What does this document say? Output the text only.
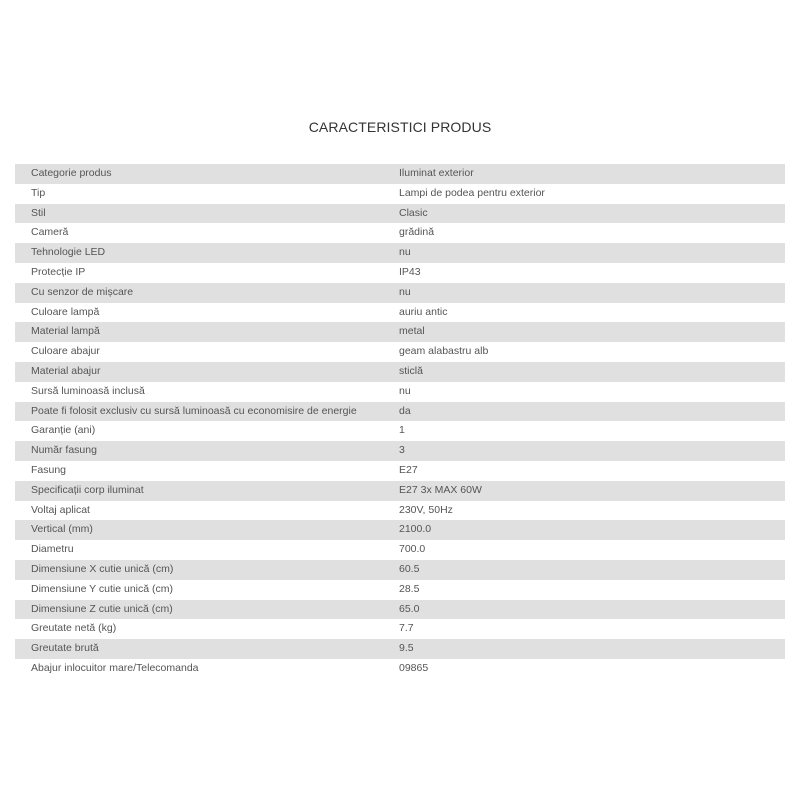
CARACTERISTICI PRODUS
Categorie produs	Iluminat exterior
Tip	Lampi de podea pentru exterior
Stil	Clasic
Cameră	grădină
Tehnologie LED	nu
Protecție IP	IP43
Cu senzor de mișcare	nu
Culoare lampă	auriu antic
Material lampă	metal
Culoare abajur	geam alabastru alb
Material abajur	sticlă
Sursă luminoasă inclusă	nu
Poate fi folosit exclusiv cu sursă luminoasă cu economisire de energie	da
Garanție (ani)	1
Număr fasung	3
Fasung	E27
Specificații corp iluminat	E27 3x MAX 60W
Voltaj aplicat	230V, 50Hz
Vertical (mm)	2100.0
Diametru	700.0
Dimensiune X cutie unică (cm)	60.5
Dimensiune Y cutie unică (cm)	28.5
Dimensiune Z cutie unică (cm)	65.0
Greutate netă (kg)	7.7
Greutate brută	9.5
Abajur inlocuitor mare/Telecomanda	09865
